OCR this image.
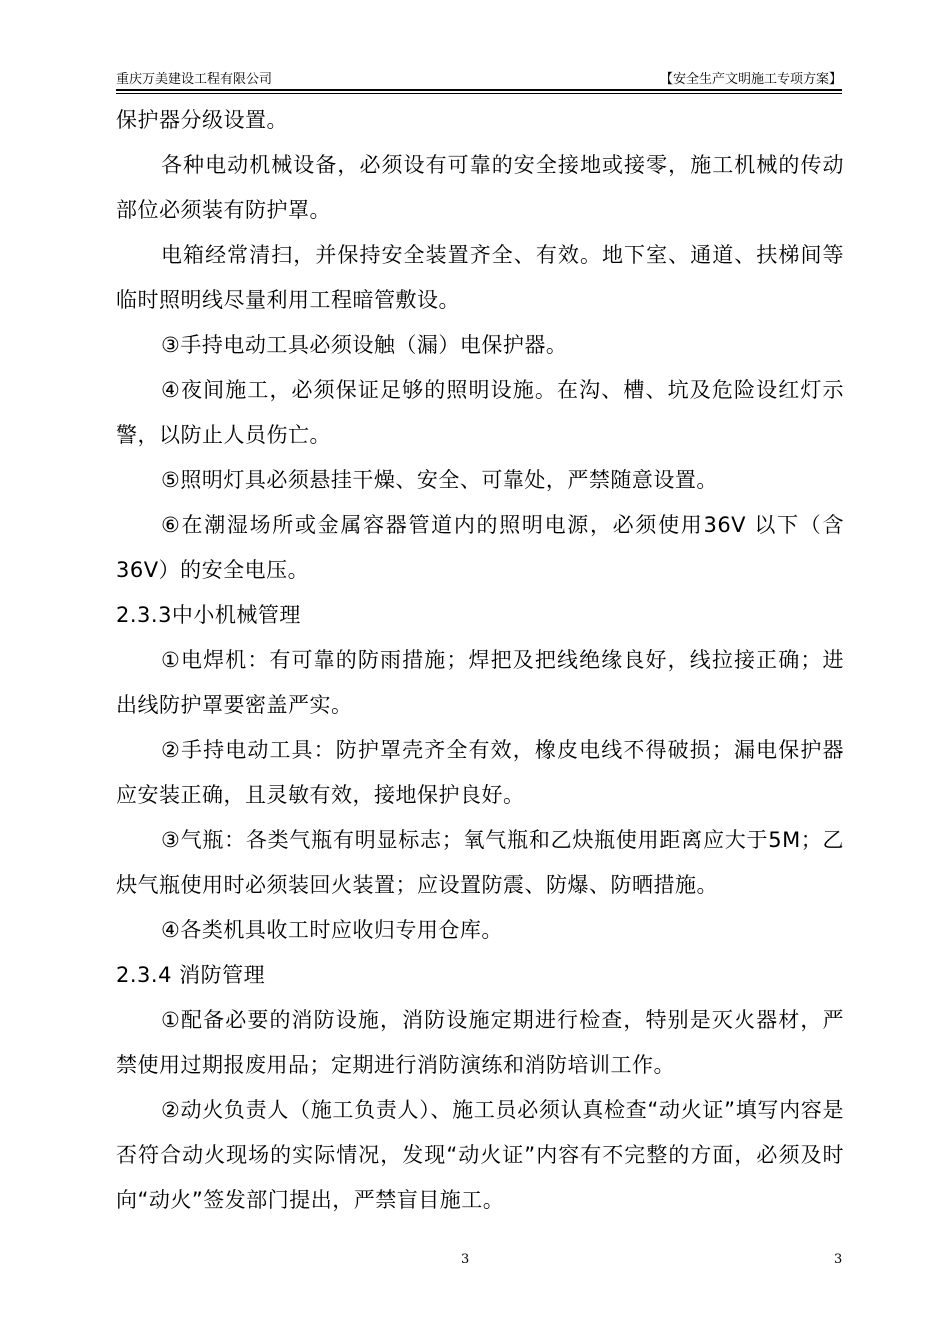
重庆万美建设工程有限公司	【安全生产文明施工专项方案】

保护器分级设置。

各种电动机械设备，必须设有可靠的安全接地或接零，施工机械的传动部位必须装有防护罩。

电箱经常清扫，并保持安全装置齐全、有效。地下室、通道、扶梯间等临时照明线尽量利用工程暗管敷设。

③手持电动工具必须设触（漏）电保护器。

④夜间施工，必须保证足够的照明设施。在沟、槽、坑及危险设红灯示警，以防止人员伤亡。

⑤照明灯具必须悬挂干燥、安全、可靠处，严禁随意设置。

⑥在潮湿场所或金属容器管道内的照明电源，必须使用36V 以下（含36V）的安全电压。

2.3.3中小机械管理

①电焊机：有可靠的防雨措施；焊把及把线绝缘良好，线拉接正确；进出线防护罩要密盖严实。

②手持电动工具：防护罩壳齐全有效，橡皮电线不得破损；漏电保护器应安装正确，且灵敏有效，接地保护良好。

③气瓶：各类气瓶有明显标志；氧气瓶和乙炔瓶使用距离应大于5M；乙炔气瓶使用时必须装回火装置；应设置防震、防爆、防晒措施。

④各类机具收工时应收归专用仓库。

2.3.4 消防管理

①配备必要的消防设施，消防设施定期进行检查，特别是灭火器材，严禁使用过期报废用品；定期进行消防演练和消防培训工作。

②动火负责人（施工负责人）、施工员必须认真检查“动火证”填写内容是否符合动火现场的实际情况，发现“动火证”内容有不完整的方面，必须及时向“动火”签发部门提出，严禁盲目施工。

3	3
